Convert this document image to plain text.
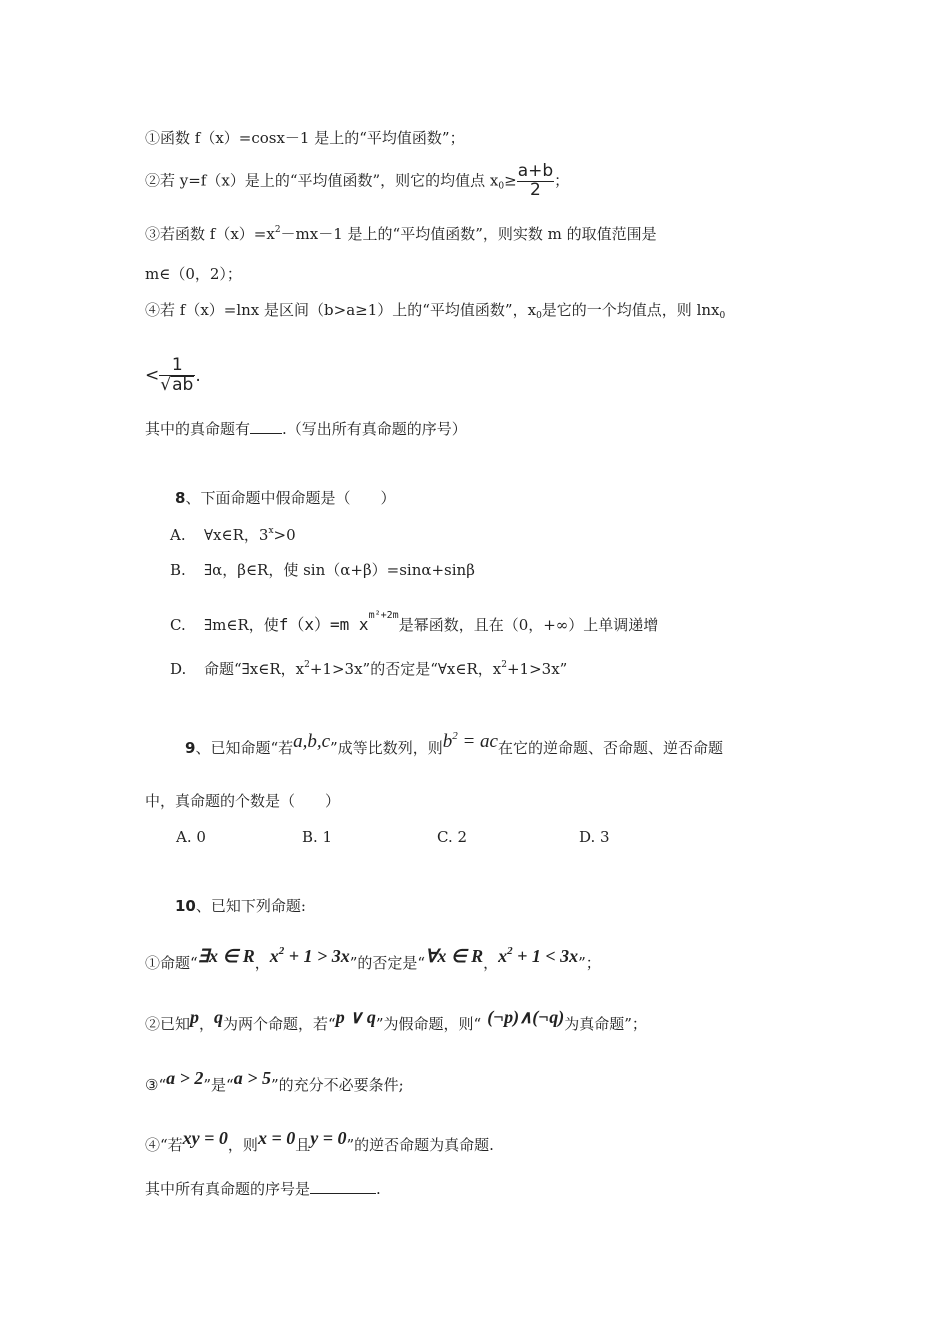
①函数 f（x）=cosx－1 是上的“平均值函数”；
②若 y=f（x）是上的“平均值函数”，则它的均值点 $x_0\ge \frac{a+b}{2}$ ；
③若函数 $f(x)=x^2-mx-1$ 是上的“平均值函数”，则实数 m 的取值范围是
m∈（0，2）；
④若 f（x）=lnx 是区间（b>a≥1）上的“平均值函数”，$x_0$是它的一个均值点，则 lnx$_0$
< $\frac{1}{√ab}$ .
其中的真命题有 .（写出所有真命题的序号）
8、下面命题中假命题是（　　）
A. ∀x∈R，$3^x>0$
B. ∃α，β∈R，使 sin（α+β）=sinα+sinβ
C. ∃m∈R，使f（x）=m $x^{m^2+2m}$是幂函数，且在（0，+∞）上单调递增
D. 命题“∃x∈R，$x^2+1>3x$”的否定是“∀x∈R，$x^2+1>3x$”
9、已知命题“若a,b,c”成等比数列，则$b^2$ = ac在它的逆命题、否命题、逆否命题
中，真命题的个数是（　　）
A. 0	B. 1	C. 2	D. 3
10、已知下列命题:
①命题“∃x ∈ R，$x^2 + 1 > 3x$”的否定是“∀x ∈ R，$x^2 + 1 < 3x$”；
②已知p，q为两个命题，若“p ∨ q”为假命题，则“ (¬p)∧(¬q)为真命题”；
③“a > 2”是“a > 5”的充分不必要条件;
④“若xy = 0，则x = 0且y = 0”的逆否命题为真命题.
其中所有真命题的序号是	.
